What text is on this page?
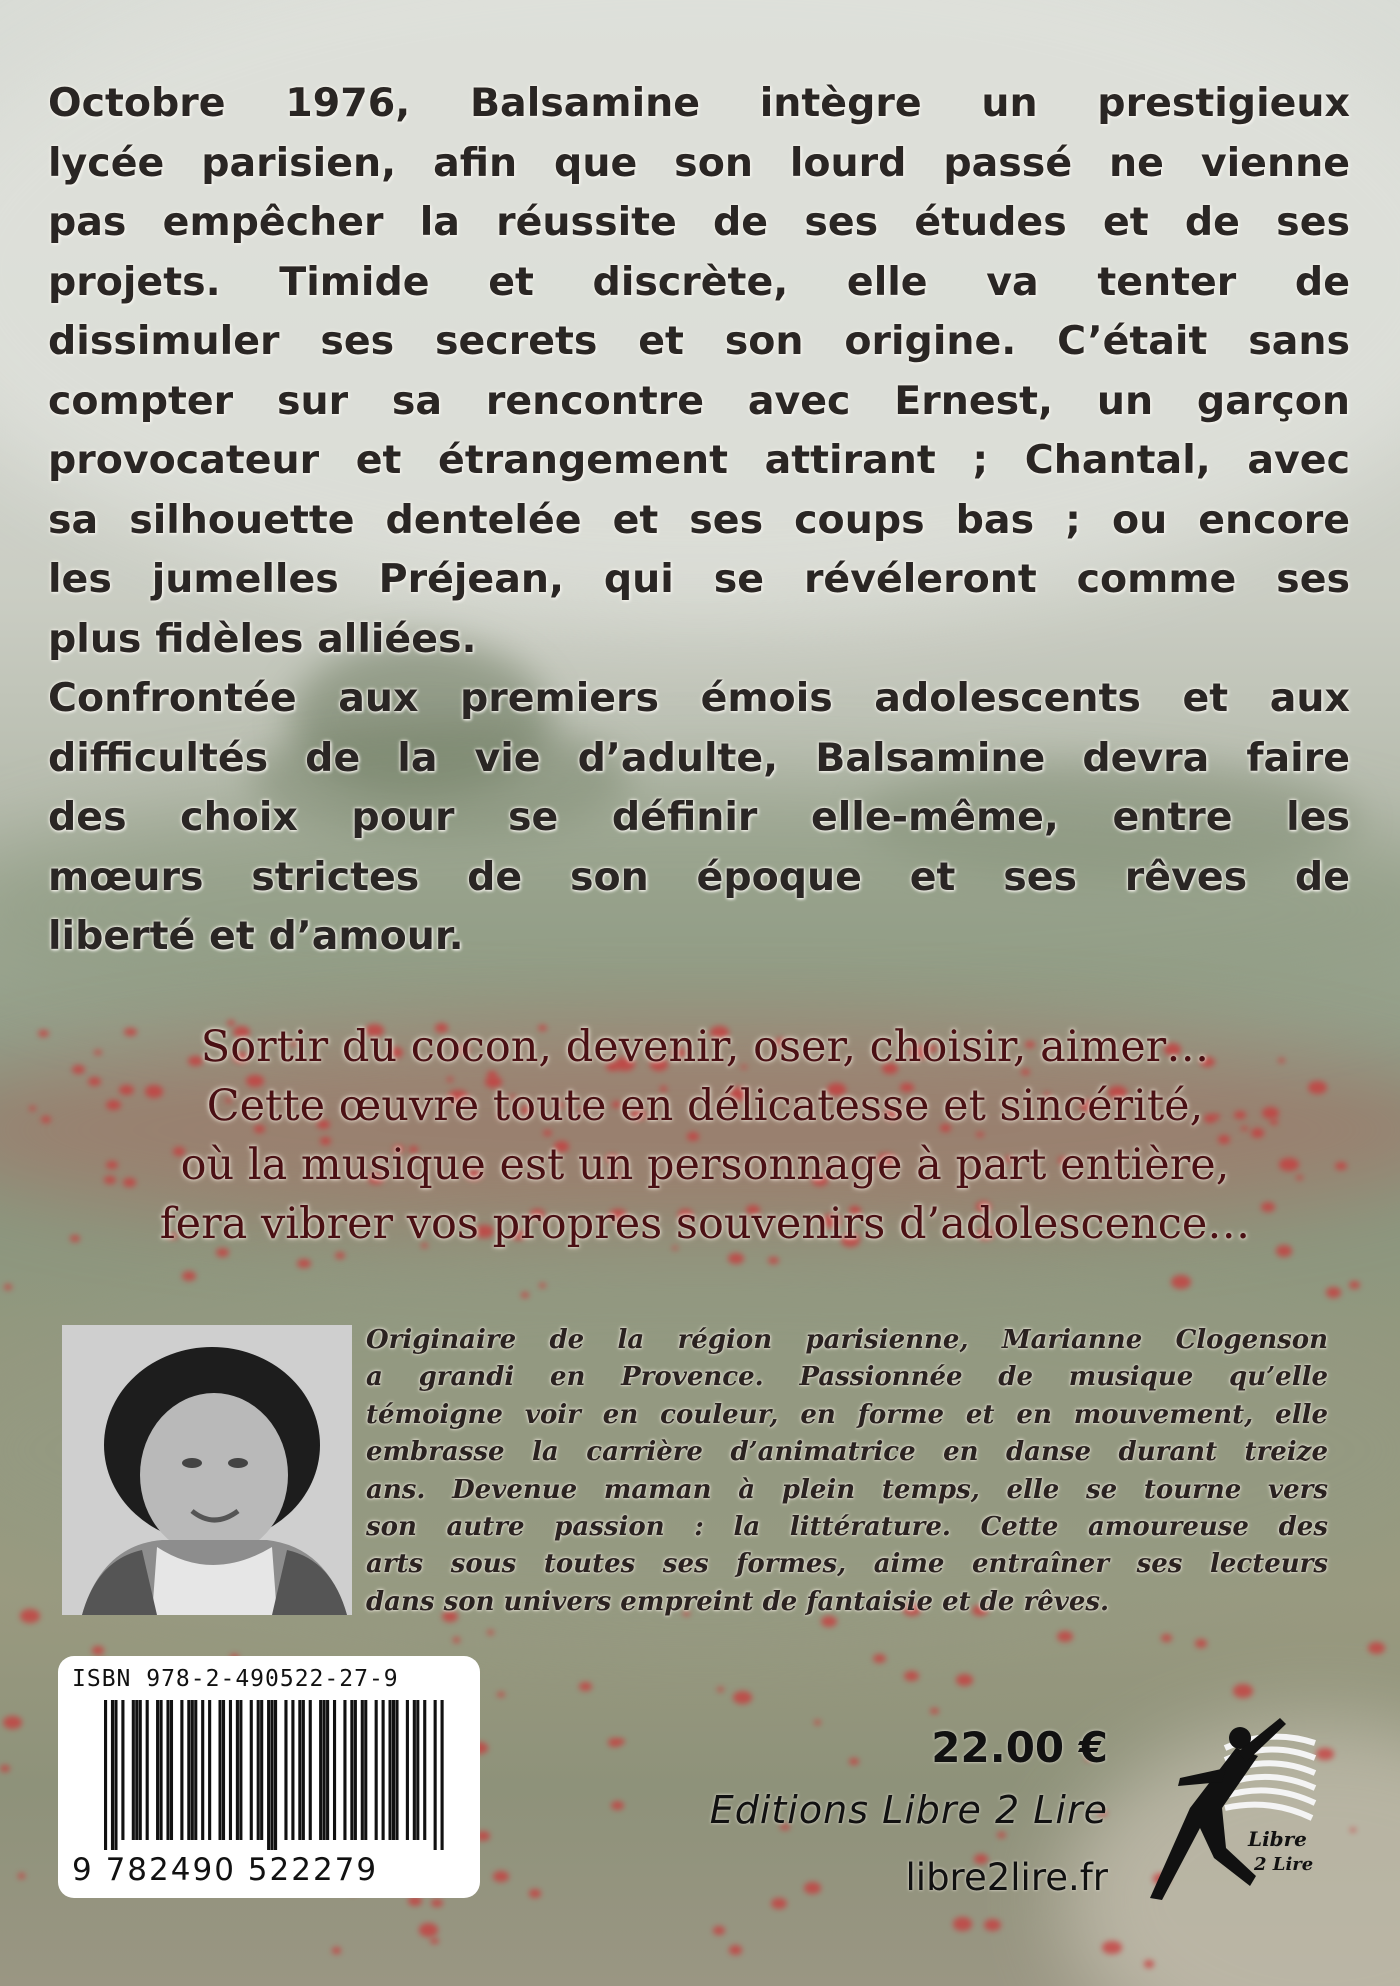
Octobre 1976, Balsamine intègre un prestigieux
lycée parisien, afin que son lourd passé ne vienne
pas empêcher la réussite de ses études et de ses
projets. Timide et discrète, elle va tenter de
dissimuler ses secrets et son origine. C’était sans
compter sur sa rencontre avec Ernest, un garçon
provocateur et étrangement attirant ; Chantal, avec
sa silhouette dentelée et ses coups bas ; ou encore
les jumelles Préjean, qui se révéleront comme ses
plus fidèles alliées.
Confrontée aux premiers émois adolescents et aux
difficultés de la vie d’adulte, Balsamine devra faire
des choix pour se définir elle-même, entre les
mœurs strictes de son époque et ses rêves de
liberté et d’amour.
Sortir du cocon, devenir, oser, choisir, aimer…
Cette œuvre toute en délicatesse et sincérité,
où la musique est un personnage à part entière,
fera vibrer vos propres souvenirs d’adolescence…
Originaire de la région parisienne, Marianne Clogenson
a grandi en Provence. Passionnée de musique qu’elle
témoigne voir en couleur, en forme et en mouvement, elle
embrasse la carrière d’animatrice en danse durant treize
ans. Devenue maman à plein temps, elle se tourne vers
son autre passion : la littérature. Cette amoureuse des
arts sous toutes ses formes, aime entraîner ses lecteurs
dans son univers empreint de fantaisie et de rêves.
ISBN 978-2-490522-27-9
9 782490 522279
22.00 €
Editions Libre 2 Lire
libre2lire.fr
Libre
2 Lire
